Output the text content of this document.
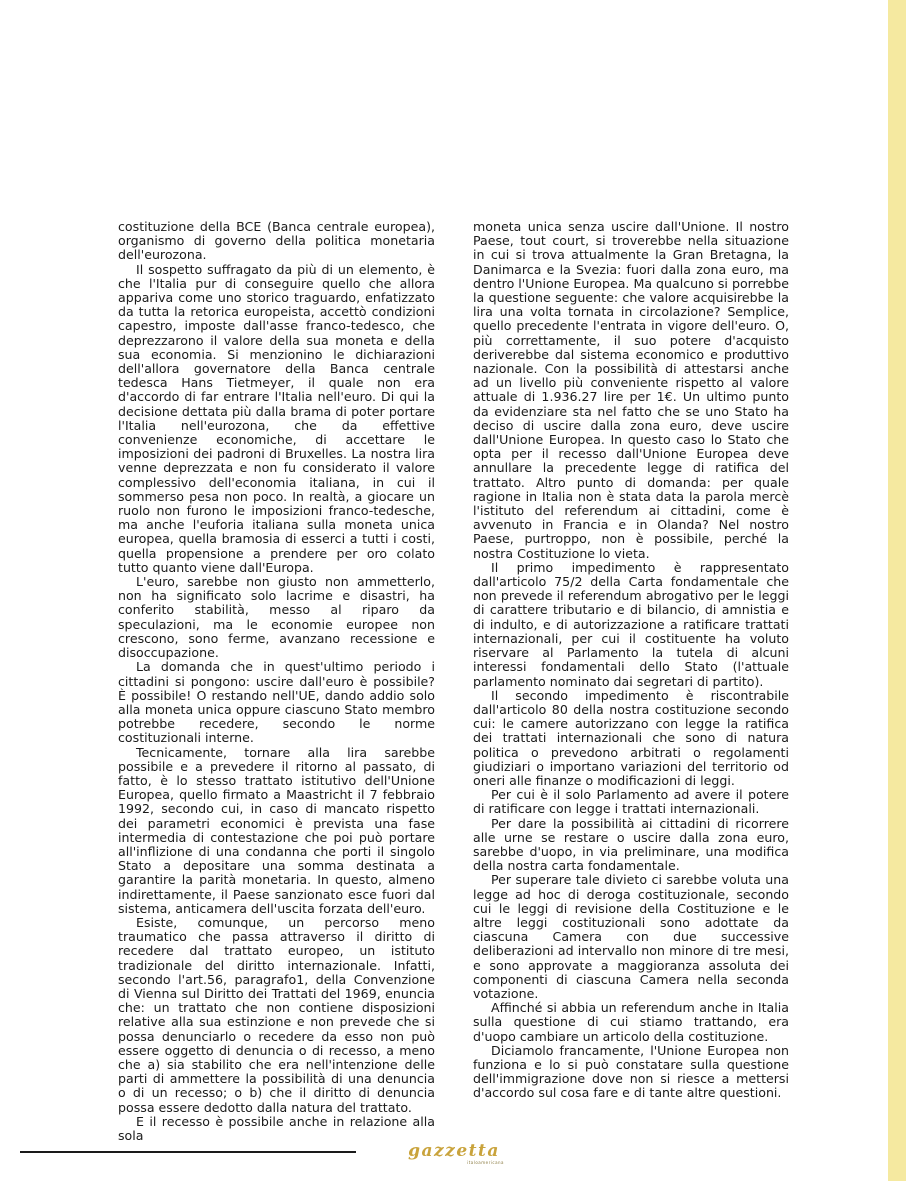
costituzione della BCE (Banca centrale europea), organismo di governo della politica monetaria dell'eurozona.

Il sospetto suffragato da più di un elemento, è che l'Italia pur di conseguire quello che allora appariva come uno storico traguardo, enfatizzato da tutta la retorica europeista, accettò condizioni capestro, imposte dall'asse franco-tedesco, che deprezzarono il valore della sua moneta e della sua economia. Si menzionino le dichiarazioni dell'allora governatore della Banca centrale tedesca Hans Tietmeyer, il quale non era d'accordo di far entrare l'Italia nell'euro. Di qui la decisione dettata più dalla brama di poter portare l'Italia nell'eurozona, che da effettive convenienze economiche, di accettare le imposizioni dei padroni di Bruxelles. La nostra lira venne deprezzata e non fu considerato il valore complessivo dell'economia italiana, in cui il sommerso pesa non poco. In realtà, a giocare un ruolo non furono le imposizioni franco-tedesche, ma anche l'euforia italiana sulla moneta unica europea, quella bramosia di esserci a tutti i costi, quella propensione a prendere per oro colato tutto quanto viene dall'Europa.

L'euro, sarebbe non giusto non ammetterlo, non ha significato solo lacrime e disastri, ha conferito stabilità, messo al riparo da speculazioni, ma le economie europee non crescono, sono ferme, avanzano recessione e disoccupazione.

La domanda che in quest'ultimo periodo i cittadini si pongono: uscire dall'euro è possibile? È possibile! O restando nell'UE, dando addio solo alla moneta unica oppure ciascuno Stato membro potrebbe recedere, secondo le norme costituzionali interne.

Tecnicamente, tornare alla lira sarebbe possibile e a prevedere il ritorno al passato, di fatto, è lo stesso trattato istitutivo dell'Unione Europea, quello firmato a Maastricht il 7 febbraio 1992, secondo cui, in caso di mancato rispetto dei parametri economici è prevista una fase intermedia di contestazione che poi può portare all'inflizione di una condanna che porti il singolo Stato a depositare una somma destinata a garantire la parità monetaria. In questo, almeno indirettamente, il Paese sanzionato esce fuori dal sistema, anticamera dell'uscita forzata dell'euro.

Esiste, comunque, un percorso meno traumatico che passa attraverso il diritto di recedere dal trattato europeo, un istituto tradizionale del diritto internazionale. Infatti, secondo l'art.56, paragrafo1, della Convenzione di Vienna sul Diritto dei Trattati del 1969, enuncia che: un trattato che non contiene disposizioni relative alla sua estinzione e non prevede che si possa denunciarlo o recedere da esso non può essere oggetto di denuncia o di recesso, a meno che a) sia stabilito che era nell'intenzione delle parti di ammettere la possibilità di una denuncia o di un recesso; o b) che il diritto di denuncia possa essere dedotto dalla natura del trattato.

E il recesso è possibile anche in relazione alla sola

moneta unica senza uscire dall'Unione. Il nostro Paese, tout court, si troverebbe nella situazione in cui si trova attualmente la Gran Bretagna, la Danimarca e la Svezia: fuori dalla zona euro, ma dentro l'Unione Europea. Ma qualcuno si porrebbe la questione seguente: che valore acquisirebbe la lira una volta tornata in circolazione? Semplice, quello precedente l'entrata in vigore dell'euro. O, più correttamente, il suo potere d'acquisto deriverebbe dal sistema economico e produttivo nazionale. Con la possibilità di attestarsi anche ad un livello più conveniente rispetto al valore attuale di 1.936.27 lire per 1€. Un ultimo punto da evidenziare sta nel fatto che se uno Stato ha deciso di uscire dalla zona euro, deve uscire dall'Unione Europea. In questo caso lo Stato che opta per il recesso dall'Unione Europea deve annullare la precedente legge di ratifica del trattato. Altro punto di domanda: per quale ragione in Italia non è stata data la parola mercè l'istituto del referendum ai cittadini, come è avvenuto in Francia e in Olanda? Nel nostro Paese, purtroppo, non è possibile, perché la nostra Costituzione lo vieta.

Il primo impedimento è rappresentato dall'articolo 75/2 della Carta fondamentale che non prevede il referendum abrogativo per le leggi di carattere tributario e di bilancio, di amnistia e di indulto, e di autorizzazione a ratificare trattati internazionali, per cui il costituente ha voluto riservare al Parlamento la tutela di alcuni interessi fondamentali dello Stato (l'attuale parlamento nominato dai segretari di partito).

Il secondo impedimento è riscontrabile dall'articolo 80 della nostra costituzione secondo cui: le camere autorizzano con legge la ratifica dei trattati internazionali che sono di natura politica o prevedono arbitrati o regolamenti giudiziari o importano variazioni del territorio od oneri alle finanze o modificazioni di leggi.

Per cui è il solo Parlamento ad avere il potere di ratificare con legge i trattati internazionali.

Per dare la possibilità ai cittadini di ricorrere alle urne se restare o uscire dalla zona euro, sarebbe d'uopo, in via preliminare, una modifica della nostra carta fondamentale.

Per superare tale divieto ci sarebbe voluta una legge ad hoc di deroga costituzionale, secondo cui le leggi di revisione della Costituzione e le altre leggi costituzionali sono adottate da ciascuna Camera con due successive deliberazioni ad intervallo non minore di tre mesi, e sono approvate a maggioranza assoluta dei componenti di ciascuna Camera nella seconda votazione.

Affinché si abbia un referendum anche in Italia sulla questione di cui stiamo trattando, era d'uopo cambiare un articolo della costituzione.

Diciamolo francamente, l'Unione Europea non funziona e lo si può constatare sulla questione dell'immigrazione dove non si riesce a mettersi d'accordo sul cosa fare e di tante altre questioni.

gazzetta
italoamericana
